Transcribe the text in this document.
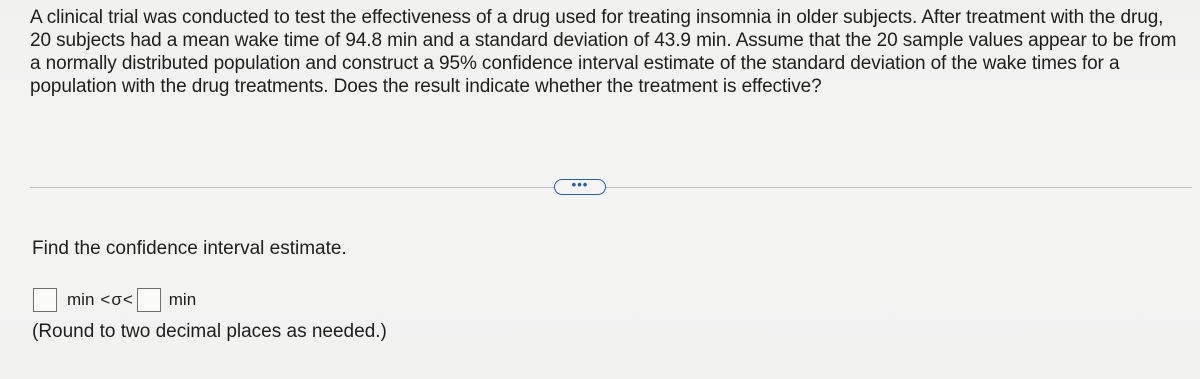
A clinical trial was conducted to test the effectiveness of a drug used for treating insomnia in older subjects. After treatment with the drug, 20 subjects had a mean wake time of 94.8 min and a standard deviation of 43.9 min. Assume that the 20 sample values appear to be from a normally distributed population and construct a 95% confidence interval estimate of the standard deviation of the wake times for a population with the drug treatments. Does the result indicate whether the treatment is effective?

•••

Find the confidence interval estimate.

min <σ< min

(Round to two decimal places as needed.)
